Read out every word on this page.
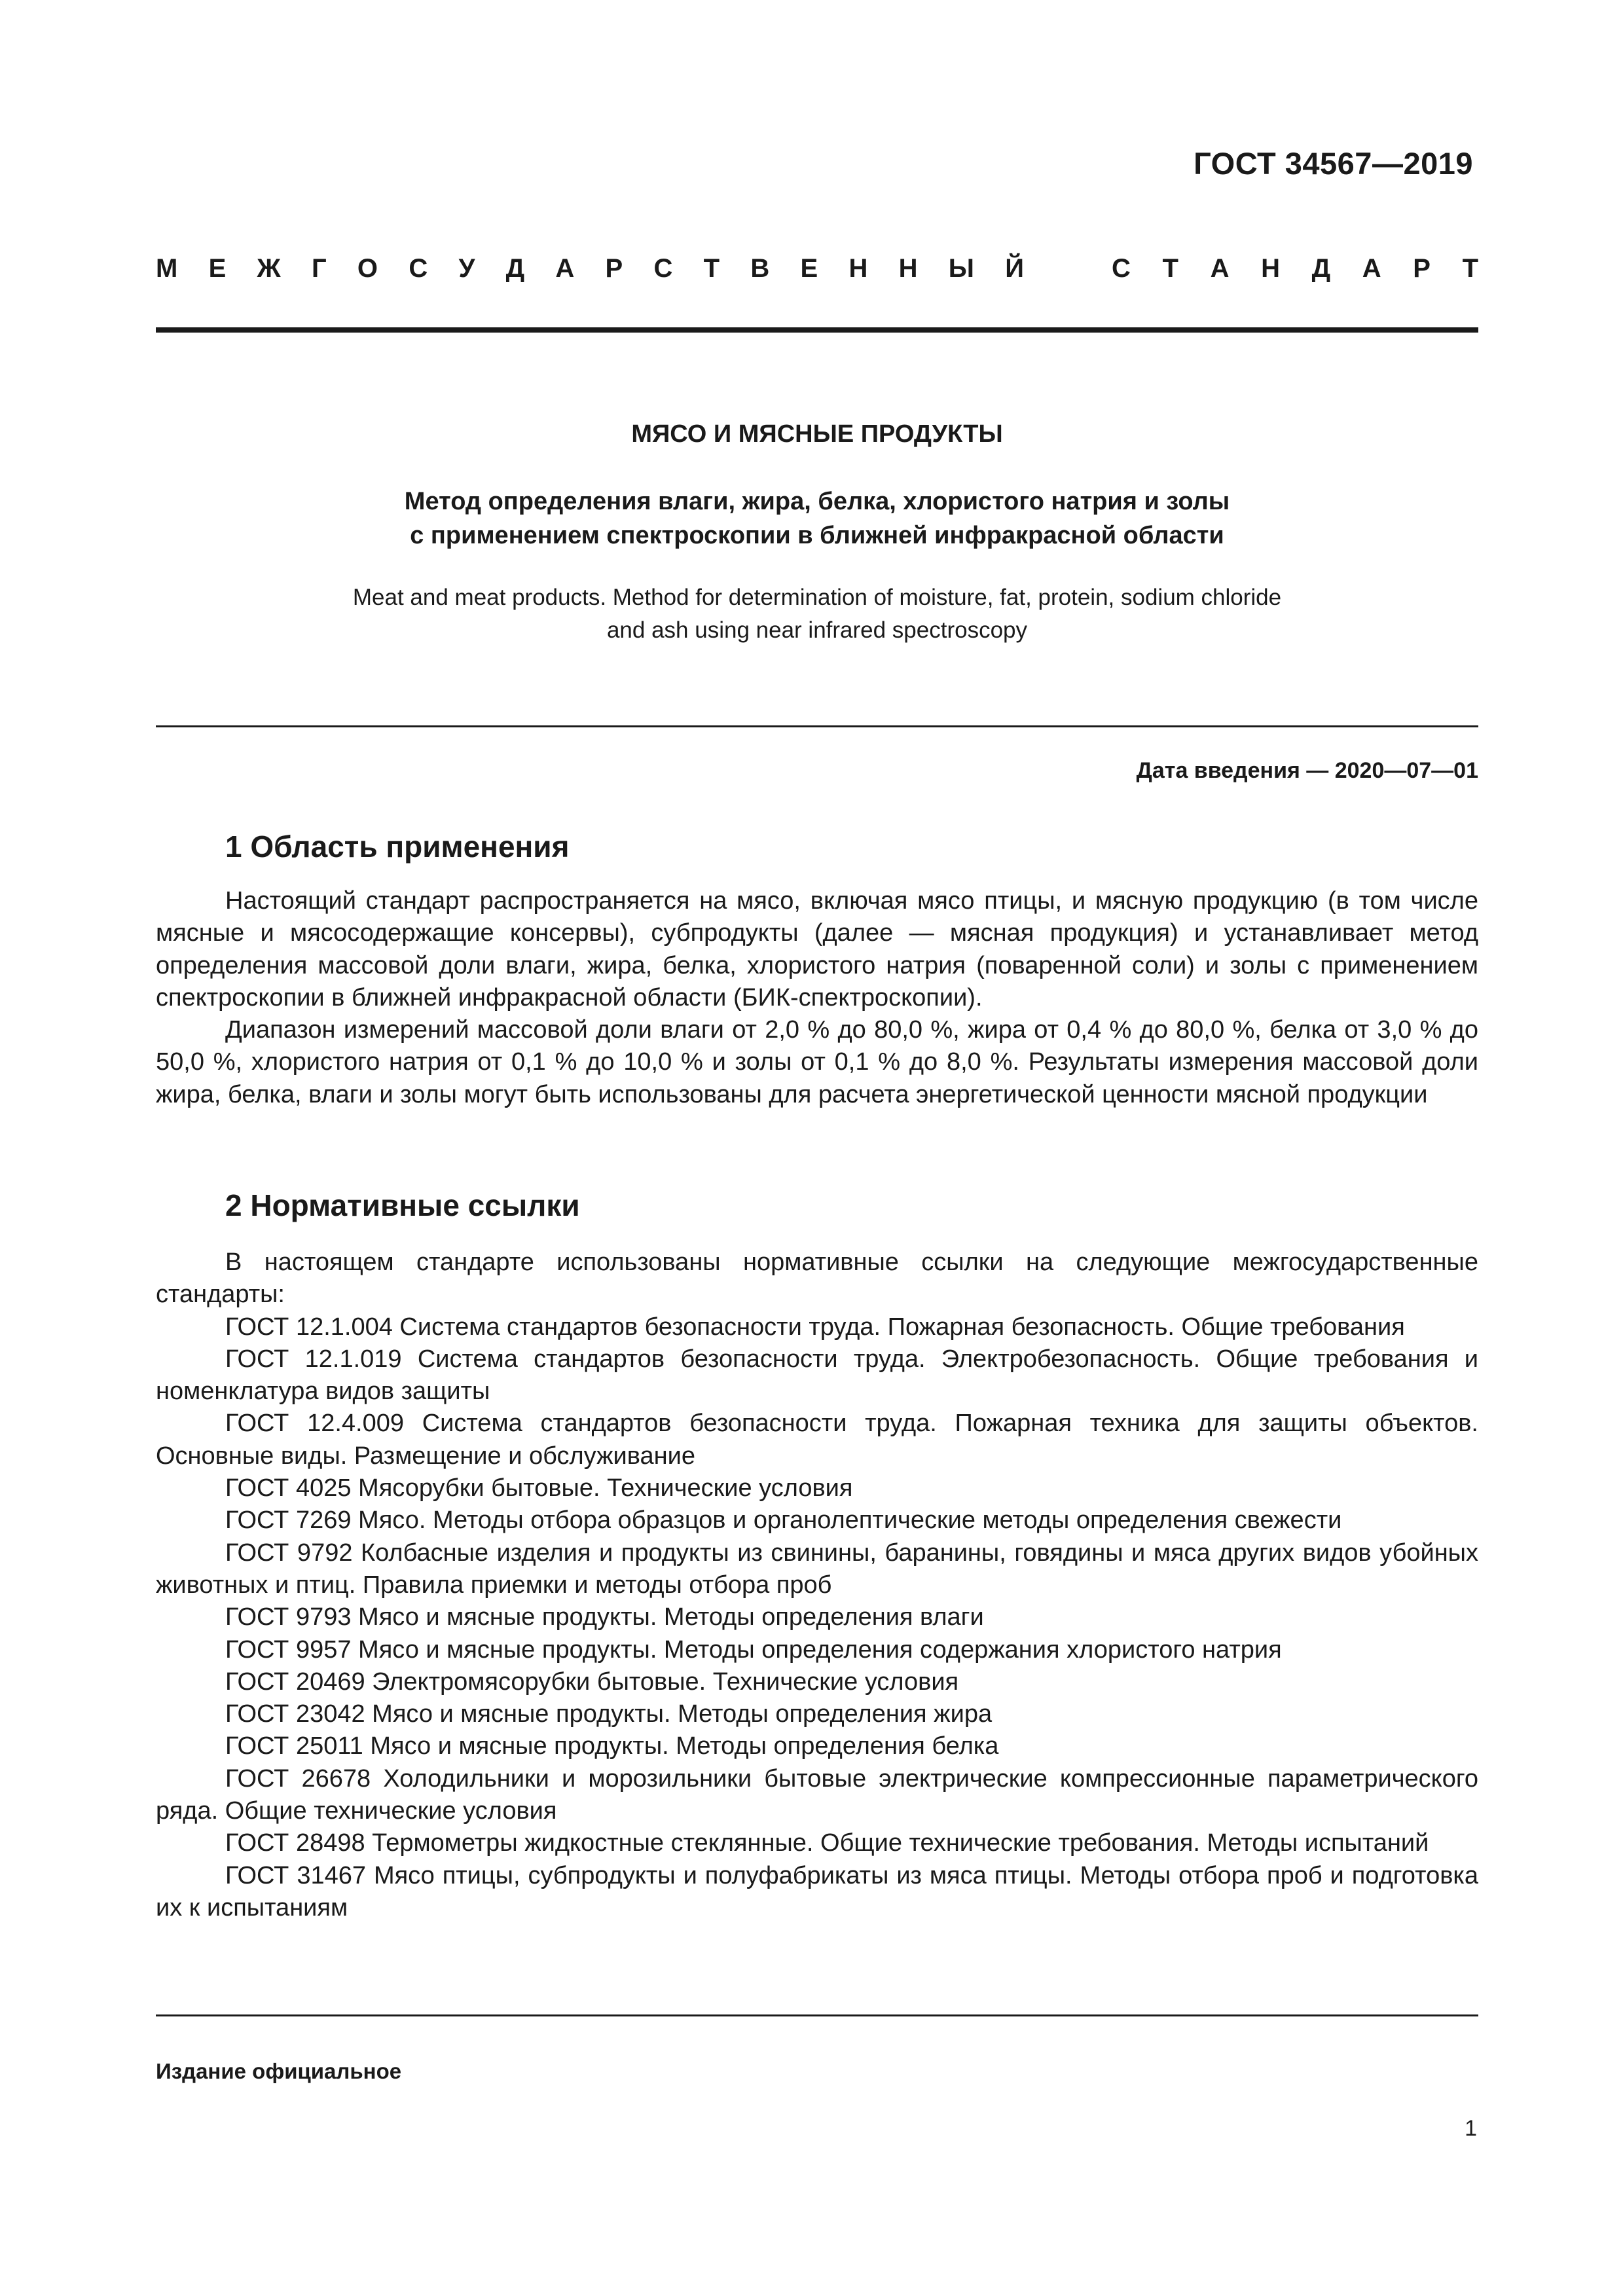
ГОСТ 34567—2019
М Е Ж Г О С У Д А Р С Т В Е Н Н Ы Й	С Т А Н Д А Р Т
МЯСО И МЯСНЫЕ ПРОДУКТЫ
Метод определения влаги, жира, белка, хлористого натрия и золы
с применением спектроскопии в ближней инфракрасной области
Meat and meat products. Method for determination of moisture, fat, protein, sodium chloride
and ash using near infrared spectroscopy
Дата введения — 2020—07—01
1 Область применения

Настоящий стандарт распространяется на мясо, включая мясо птицы, и мясную продукцию (в том числе мясные и мясосодержащие консервы), субпродукты (далее — мясная продукция) и устанавливает метод определения массовой доли влаги, жира, белка, хлористого натрия (поваренной соли) и золы с применением спектроскопии в ближней инфракрасной области (БИК-спектроскопии).

Диапазон измерений массовой доли влаги от 2,0 % до 80,0 %, жира от 0,4 % до 80,0 %, белка от 3,0 % до 50,0 %, хлористого натрия от 0,1 % до 10,0 % и золы от 0,1 % до 8,0 %. Результаты измерения массовой доли жира, белка, влаги и золы могут быть использованы для расчета энергетической ценности мясной продукции

2 Нормативные ссылки

В настоящем стандарте использованы нормативные ссылки на следующие межгосударственные стандарты:

ГОСТ 12.1.004 Система стандартов безопасности труда. Пожарная безопасность. Общие требования

ГОСТ 12.1.019 Система стандартов безопасности труда. Электробезопасность. Общие требования и номенклатура видов защиты

ГОСТ 12.4.009 Система стандартов безопасности труда. Пожарная техника для защиты объектов. Основные виды. Размещение и обслуживание

ГОСТ 4025 Мясорубки бытовые. Технические условия

ГОСТ 7269 Мясо. Методы отбора образцов и органолептические методы определения свежести

ГОСТ 9792 Колбасные изделия и продукты из свинины, баранины, говядины и мяса других видов убойных животных и птиц. Правила приемки и методы отбора проб

ГОСТ 9793 Мясо и мясные продукты. Методы определения влаги

ГОСТ 9957 Мясо и мясные продукты. Методы определения содержания хлористого натрия

ГОСТ 20469 Электромясорубки бытовые. Технические условия

ГОСТ 23042 Мясо и мясные продукты. Методы определения жира

ГОСТ 25011 Мясо и мясные продукты. Методы определения белка

ГОСТ 26678 Холодильники и морозильники бытовые электрические компрессионные параметрического ряда. Общие технические условия

ГОСТ 28498 Термометры жидкостные стеклянные. Общие технические требования. Методы испытаний

ГОСТ 31467 Мясо птицы, субпродукты и полуфабрикаты из мяса птицы. Методы отбора проб и подготовка их к испытаниям

Издание официальное
1
